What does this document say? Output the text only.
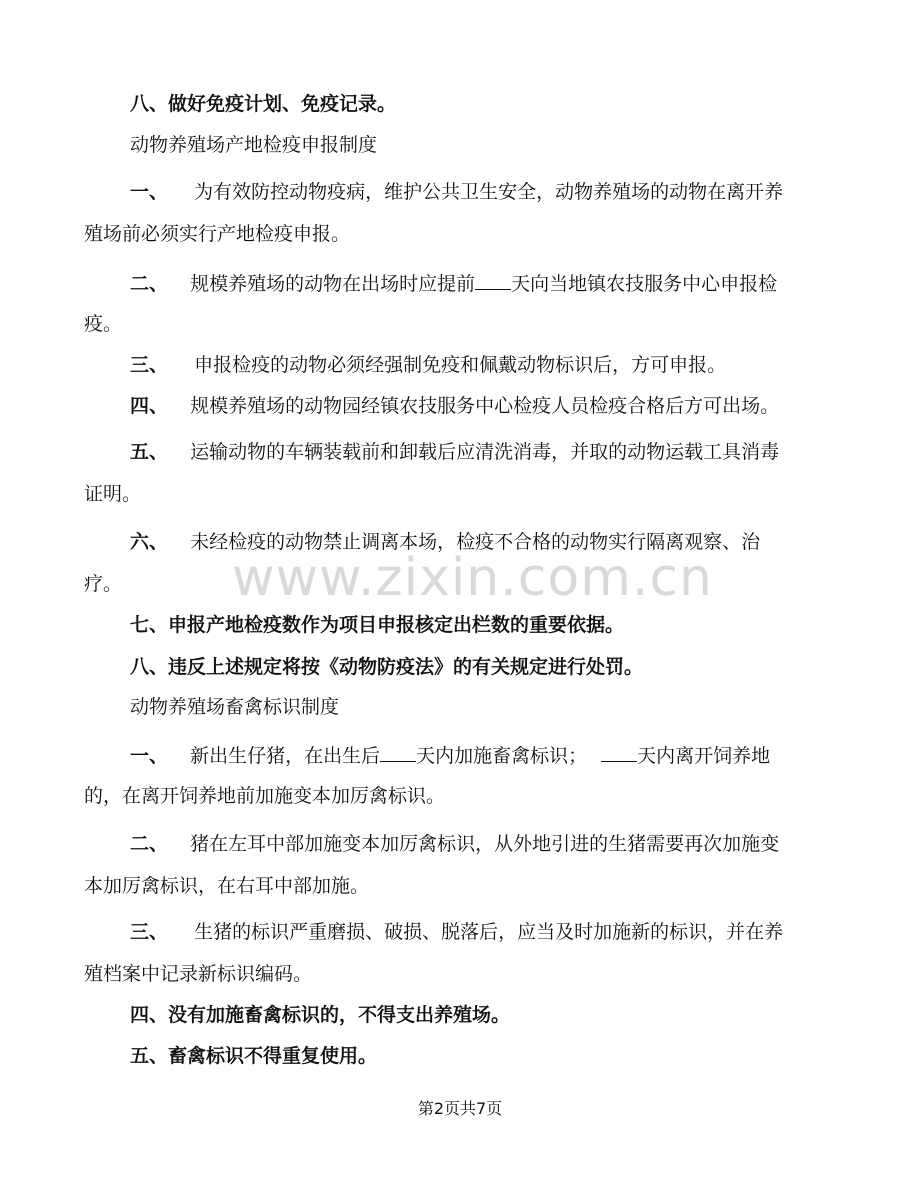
www.zixin.com.cn
八、做好免疫计划、免疫记录。
动物养殖场产地检疫申报制度
一、 为有效防控动物疫病，维护公共卫生安全，动物养殖场的动物在离开养
殖场前必须实行产地检疫申报。
二、 规模养殖场的动物在出场时应提前 天向当地镇农技服务中心申报检
疫。
三、 申报检疫的动物必须经强制免疫和佩戴动物标识后，方可申报。
四、 规模养殖场的动物园经镇农技服务中心检疫人员检疫合格后方可出场。
五、 运输动物的车辆装载前和卸载后应清洗消毒，并取的动物运载工具消毒
证明。
六、 未经检疫的动物禁止调离本场，检疫不合格的动物实行隔离观察、治
疗。
七、申报产地检疫数作为项目申报核定出栏数的重要依据。
八、违反上述规定将按《动物防疫法》的有关规定进行处罚。
动物养殖场畜禽标识制度
一、 新出生仔猪，在出生后 天内加施畜禽标识；	天内离开饲养地
的，在离开饲养地前加施变本加厉禽标识。
二、 猪在左耳中部加施变本加厉禽标识，从外地引进的生猪需要再次加施变
本加厉禽标识，在右耳中部加施。
三、 生猪的标识严重磨损、破损、脱落后，应当及时加施新的标识，并在养
殖档案中记录新标识编码。
四、没有加施畜禽标识的，不得支出养殖场。
五、畜禽标识不得重复使用。
第2页共7页
